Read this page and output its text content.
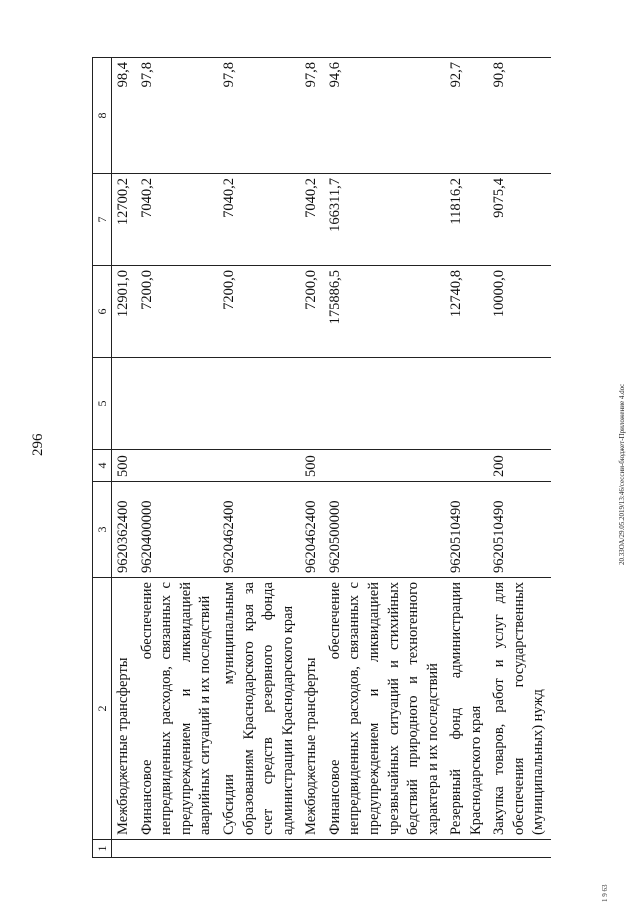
296	20.3ЗОА/29.05.2019/13:46/сессии-бюджет-Приложение 4.doc
1 9 63
1	2	3	4	5	6	7	8
	Межбюджетные трансферты	9620362400	500		12901,0	12700,2	98,4
	Финансовое обеспечение непредвиденных расходов, связанных с предупреждением и ликвидацией аварийных ситуаций и их последствий	9620400000			7200,0	7040,2	97,8
	Субсидии муниципальным образованиям Краснодарского края за счет средств резервного фонда администрации Краснодарского края	9620462400			7200,0	7040,2	97,8
	Межбюджетные трансферты	9620462400	500		7200,0	7040,2	97,8
	Финансовое обеспечение непредвиденных расходов, связанных с предупреждением и ликвидацией чрезвычайных ситуаций и стихийных бедствий природного и техногенного характера и их последствий	9620500000			175886,5	166311,7	94,6
	Резервный фонд администрации Краснодарского края	9620510490			12740,8	11816,2	92,7
	Закупка товаров, работ и услуг для обеспечения государственных (муниципальных) нужд	9620510490	200		10000,0	9075,4	90,8
